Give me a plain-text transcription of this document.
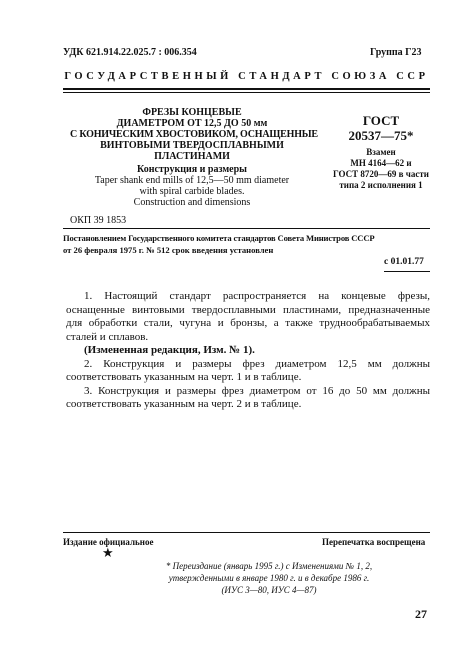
УДК 621.914.22.025.7 : 006.354	Группа Г23
ГОСУДАРСТВЕННЫЙ СТАНДАРТ СОЮЗА ССР
ФРЕЗЫ КОНЦЕВЫЕ
ДИАМЕТРОМ ОТ 12,5 ДО 50 мм
С КОНИЧЕСКИМ ХВОСТОВИКОМ, ОСНАЩЕННЫЕ
ВИНТОВЫМИ ТВЕРДОСПЛАВНЫМИ
ПЛАСТИНАМИ
Конструкция и размеры
Taper shank end mills of 12,5—50 mm diameter
with spiral carbide blades.
Construction and dimensions
ОКП 39 1853
ГОСТ
20537—75*
Взамен
МН 4164—62 и
ГОСТ 8720—69 в части
типа 2 исполнения 1
Постановлением Государственного комитета стандартов Совета Министров СССР
от 26 февраля 1975 г. № 512 срок введения установлен
с 01.01.77

1. Настоящий стандарт распространяется на концевые фрезы, оснащенные винтовыми твердосплавными пластинами, предназначенные для обработки стали, чугуна и бронзы, а также труднообрабатываемых сталей и сплавов.

(Измененная редакция, Изм. № 1).

2. Конструкция и размеры фрез диаметром 12,5 мм должны соответствовать указанным на черт. 1 и в таблице.

3. Конструкция и размеры фрез диаметром от 16 до 50 мм должны соответствовать указанным на черт. 2 и в таблице.

Издание официальное	Перепечатка воспрещена
★
* Переиздание (январь 1995 г.) с Изменениями № 1, 2,
утвержденными в январе 1980 г. и в декабре 1986 г.
(ИУС 3—80, ИУС 4—87)
27
